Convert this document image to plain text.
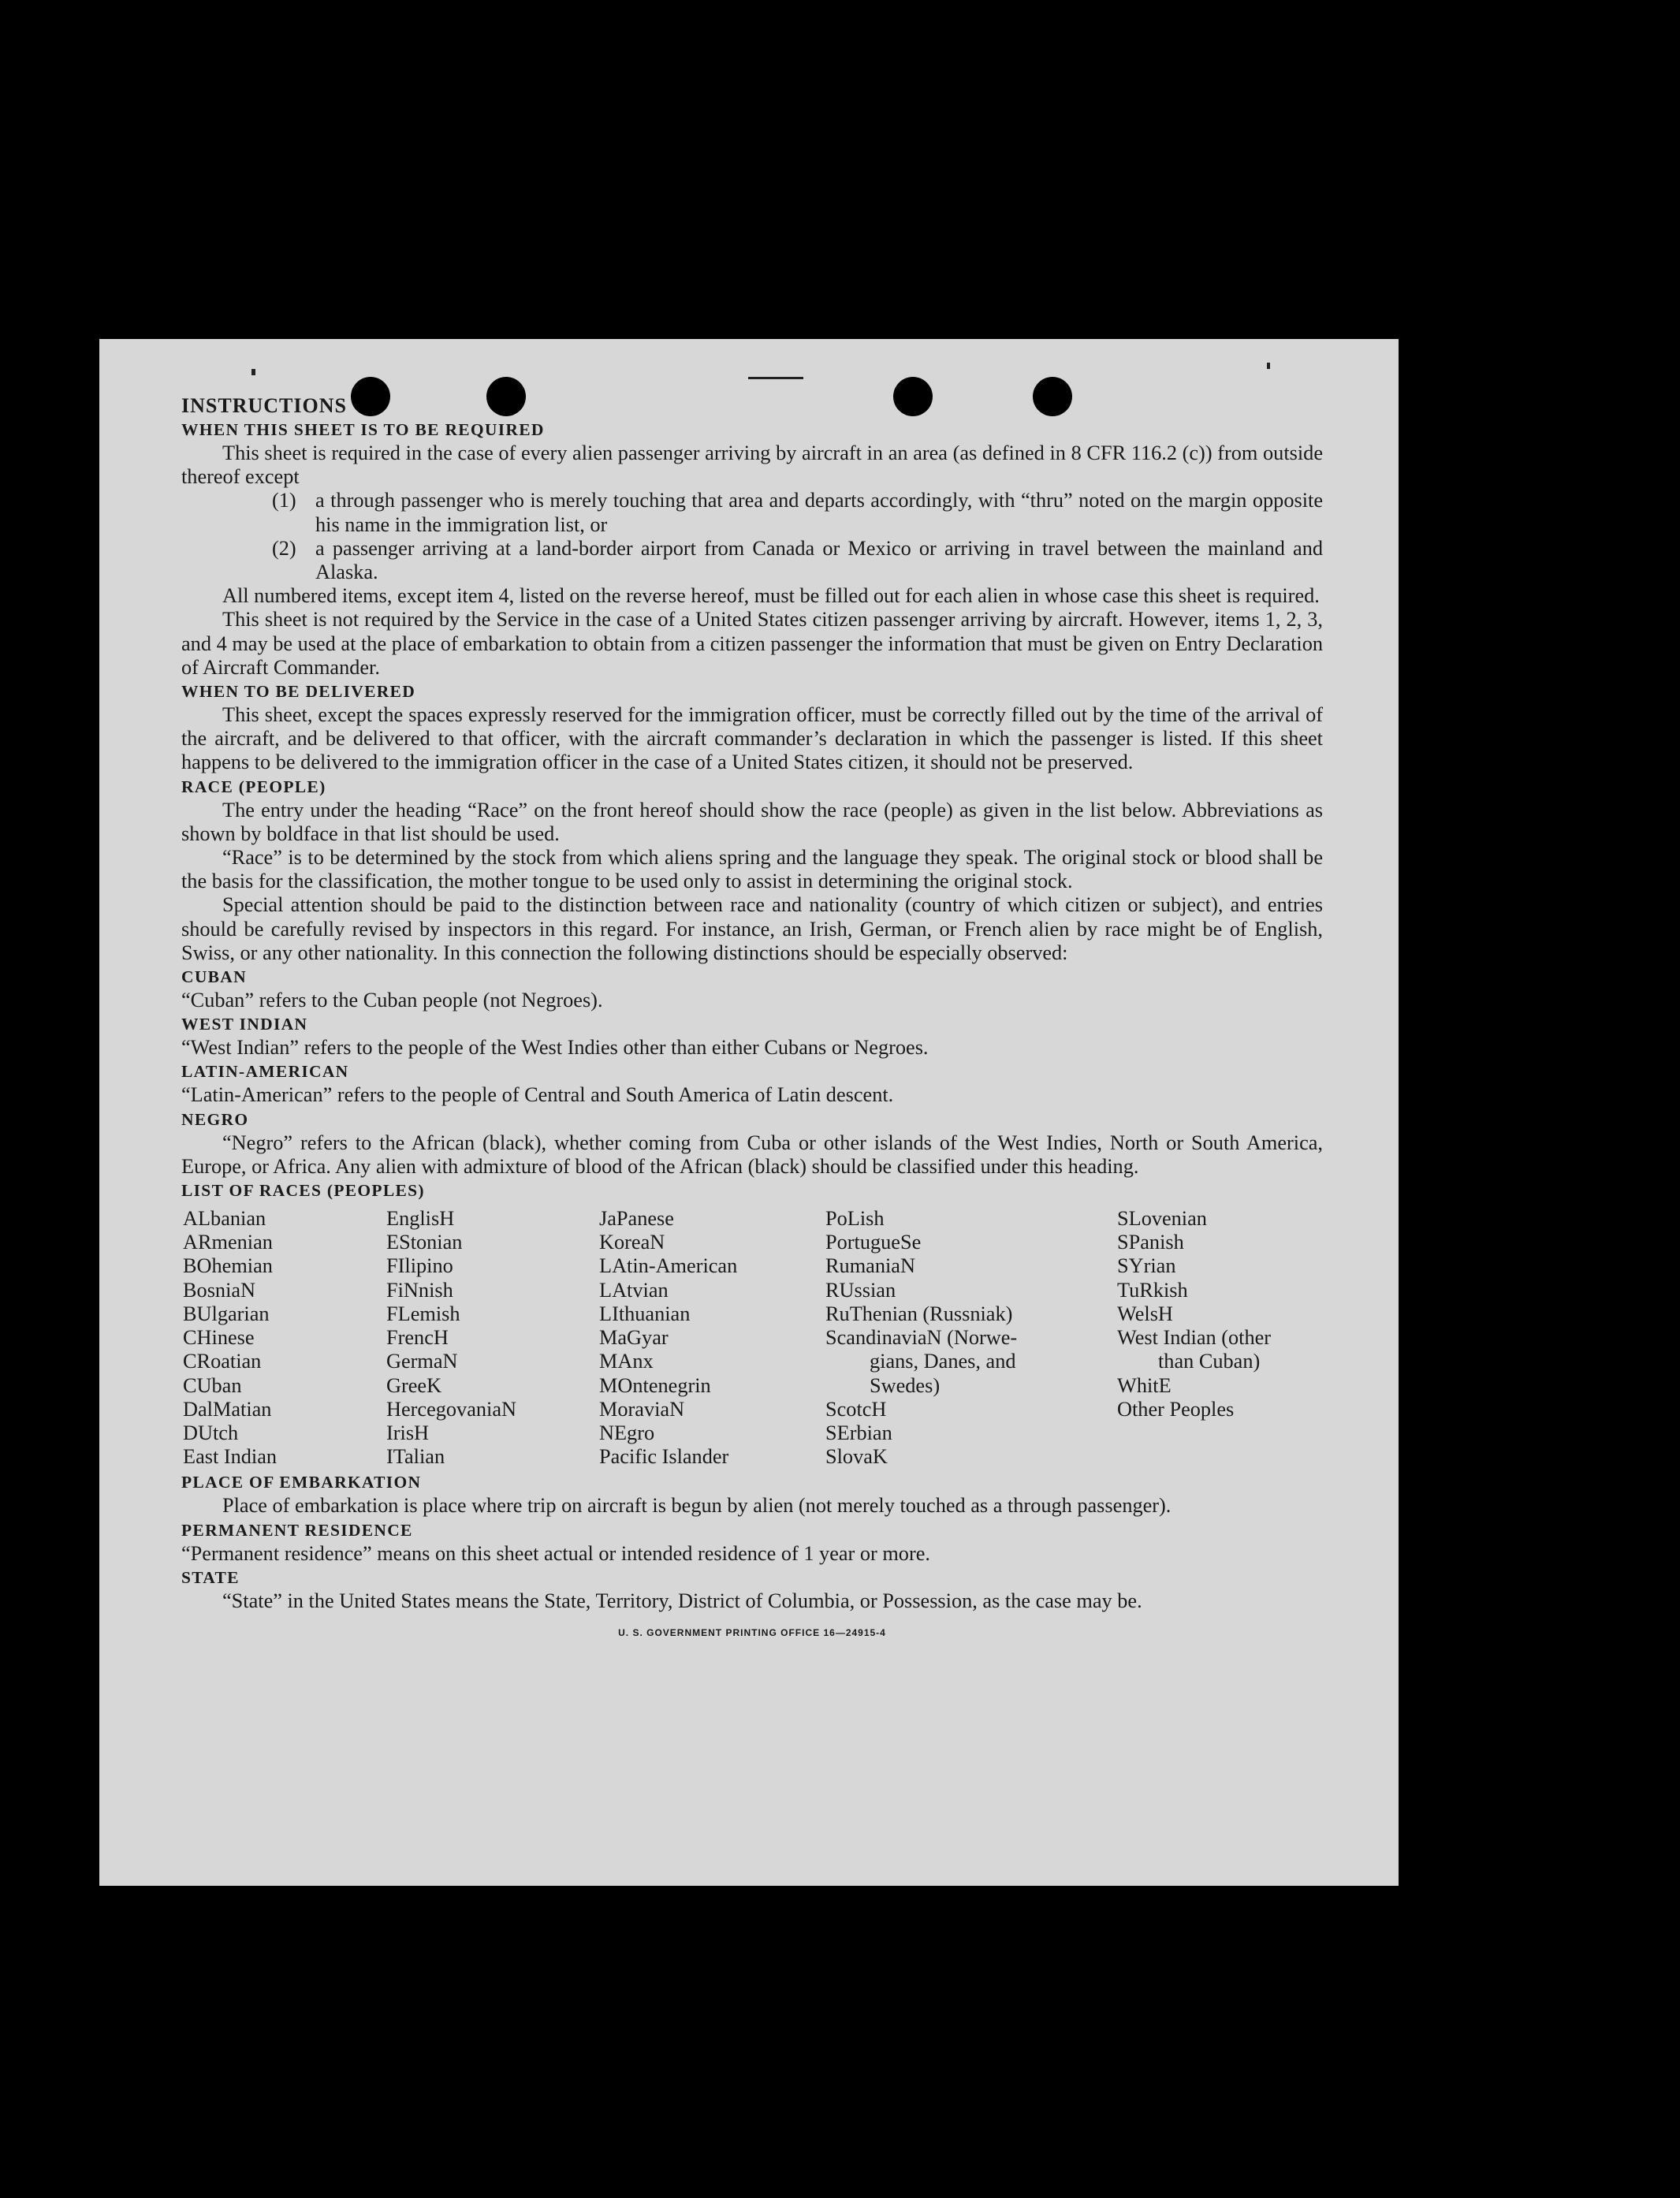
INSTRUCTIONS

WHEN THIS SHEET IS TO BE REQUIRED

This sheet is required in the case of every alien passenger arriving by aircraft in an area (as defined in 8 CFR 116.2 (c)) from outside thereof except

(1) a through passenger who is merely touching that area and departs accordingly, with “thru” noted on the margin opposite his name in the immigration list, or
(2) a passenger arriving at a land-border airport from Canada or Mexico or arriving in travel between the mainland and Alaska.

All numbered items, except item 4, listed on the reverse hereof, must be filled out for each alien in whose case this sheet is required.

This sheet is not required by the Service in the case of a United States citizen passenger arriving by aircraft. However, items 1, 2, 3, and 4 may be used at the place of embarkation to obtain from a citizen passenger the information that must be given on Entry Declaration of Aircraft Commander.

WHEN TO BE DELIVERED

This sheet, except the spaces expressly reserved for the immigration officer, must be correctly filled out by the time of the arrival of the aircraft, and be delivered to that officer, with the aircraft commander’s declaration in which the passenger is listed. If this sheet happens to be delivered to the immigration officer in the case of a United States citizen, it should not be preserved.

RACE (PEOPLE)

The entry under the heading “Race” on the front hereof should show the race (people) as given in the list below. Abbreviations as shown by boldface in that list should be used.

“Race” is to be determined by the stock from which aliens spring and the language they speak. The original stock or blood shall be the basis for the classification, the mother tongue to be used only to assist in determining the original stock.

Special attention should be paid to the distinction between race and nationality (country of which citizen or subject), and entries should be carefully revised by inspectors in this regard. For instance, an Irish, German, or French alien by race might be of English, Swiss, or any other nationality. In this connection the following distinctions should be especially observed:

CUBAN

“Cuban” refers to the Cuban people (not Negroes).

WEST INDIAN

“West Indian” refers to the people of the West Indies other than either Cubans or Negroes.

LATIN-AMERICAN

“Latin-American” refers to the people of Central and South America of Latin descent.

NEGRO

“Negro” refers to the African (black), whether coming from Cuba or other islands of the West Indies, North or South America, Europe, or Africa. Any alien with admixture of blood of the African (black) should be classified under this heading.

LIST OF RACES (PEOPLES)

ALbanian
ARmenian
BOhemian
BosniaN
BUlgarian
CHinese
CRoatian
CUban
DalMatian
DUtch
East Indian
EnglisH
EStonian
FIlipino
FiNnish
FLemish
FrencH
GermaN
GreeK
HercegovaniaN
IrisH
ITalian
JaPanese
KoreaN
LAtin-American
LAtvian
LIthuanian
MaGyar
MAnx
MOntenegrin
MoraviaN
NEgro
Pacific Islander
PoLish
PortugueSe
RumaniaN
RUssian
RuThenian (Russniak)
ScandinaviaN (Norwe-
gians, Danes, and
Swedes)
ScotcH
SErbian
SlovaK
SLovenian
SPanish
SYrian
TuRkish
WelsH
West Indian (other
than Cuban)
WhitE
Other Peoples

PLACE OF EMBARKATION

Place of embarkation is place where trip on aircraft is begun by alien (not merely touched as a through passenger).

PERMANENT RESIDENCE

“Permanent residence” means on this sheet actual or intended residence of 1 year or more.

STATE

“State” in the United States means the State, Territory, District of Columbia, or Possession, as the case may be.

U. S. GOVERNMENT PRINTING OFFICE 16—24915-4
